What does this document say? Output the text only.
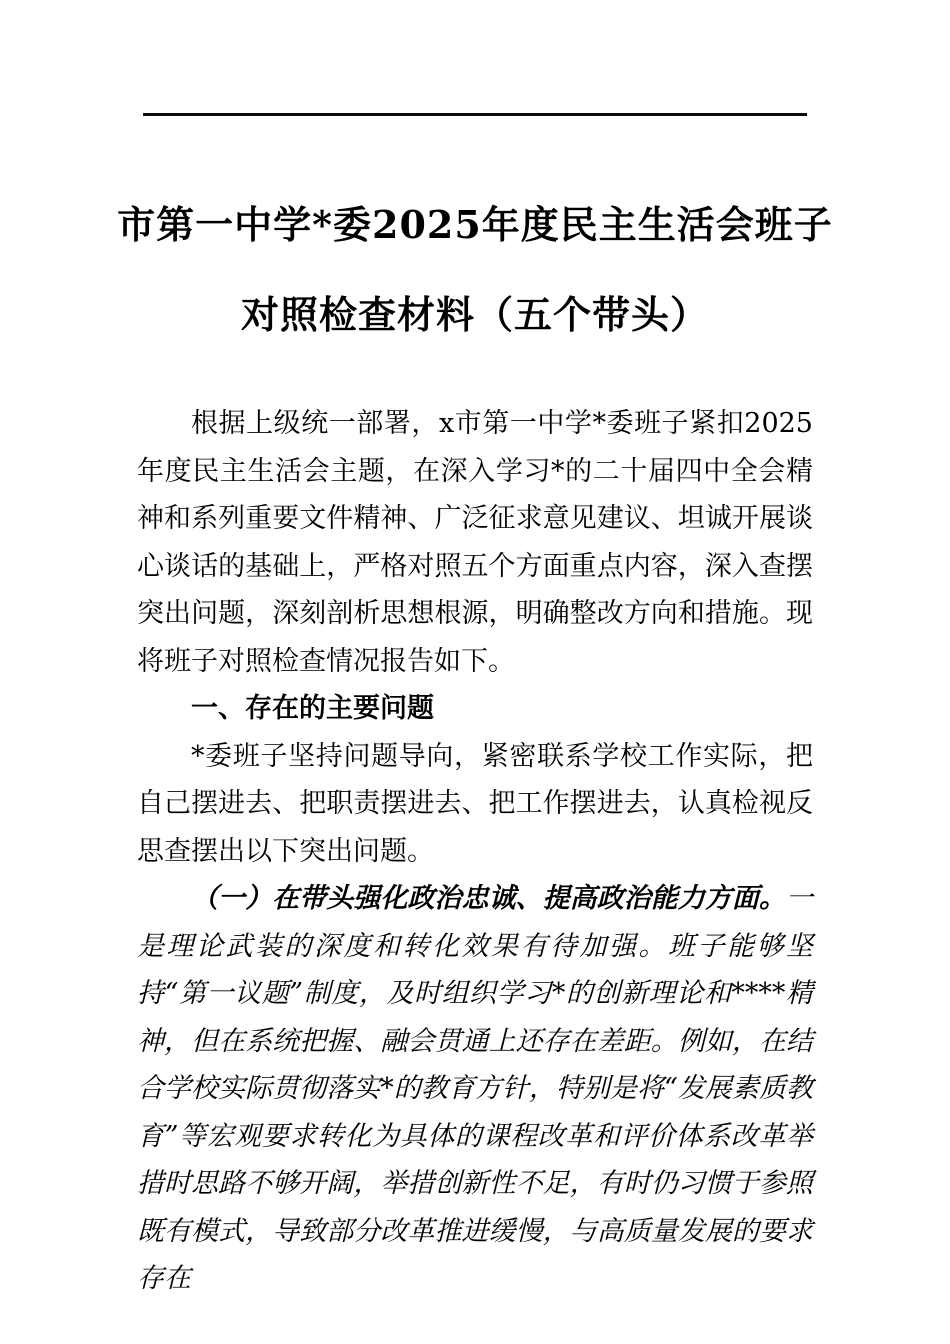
市第一中学*委2025年度民主生活会班子
对照检查材料（五个带头）

根据上级统一部署，x市第一中学*委班子紧扣2025年度民主生活会主题，在深入学习*的二十届四中全会精神和系列重要文件精神、广泛征求意见建议、坦诚开展谈心谈话的基础上，严格对照五个方面重点内容，深入查摆突出问题，深刻剖析思想根源，明确整改方向和措施。现将班子对照检查情况报告如下。

一、存在的主要问题

*委班子坚持问题导向，紧密联系学校工作实际，把自己摆进去、把职责摆进去、把工作摆进去，认真检视反思查摆出以下突出问题。

（一）在带头强化政治忠诚、提高政治能力方面。一是理论武装的深度和转化效果有待加强。班子能够坚持“第一议题”制度，及时组织学习*的创新理论和****精神，但在系统把握、融会贯通上还存在差距。例如，在结合学校实际贯彻落实*的教育方针，特别是将“发展素质教育”等宏观要求转化为具体的课程改革和评价体系改革举措时思路不够开阔，举措创新性不足，有时仍习惯于参照既有模式，导致部分改革推进缓慢，与高质量发展的要求存在
